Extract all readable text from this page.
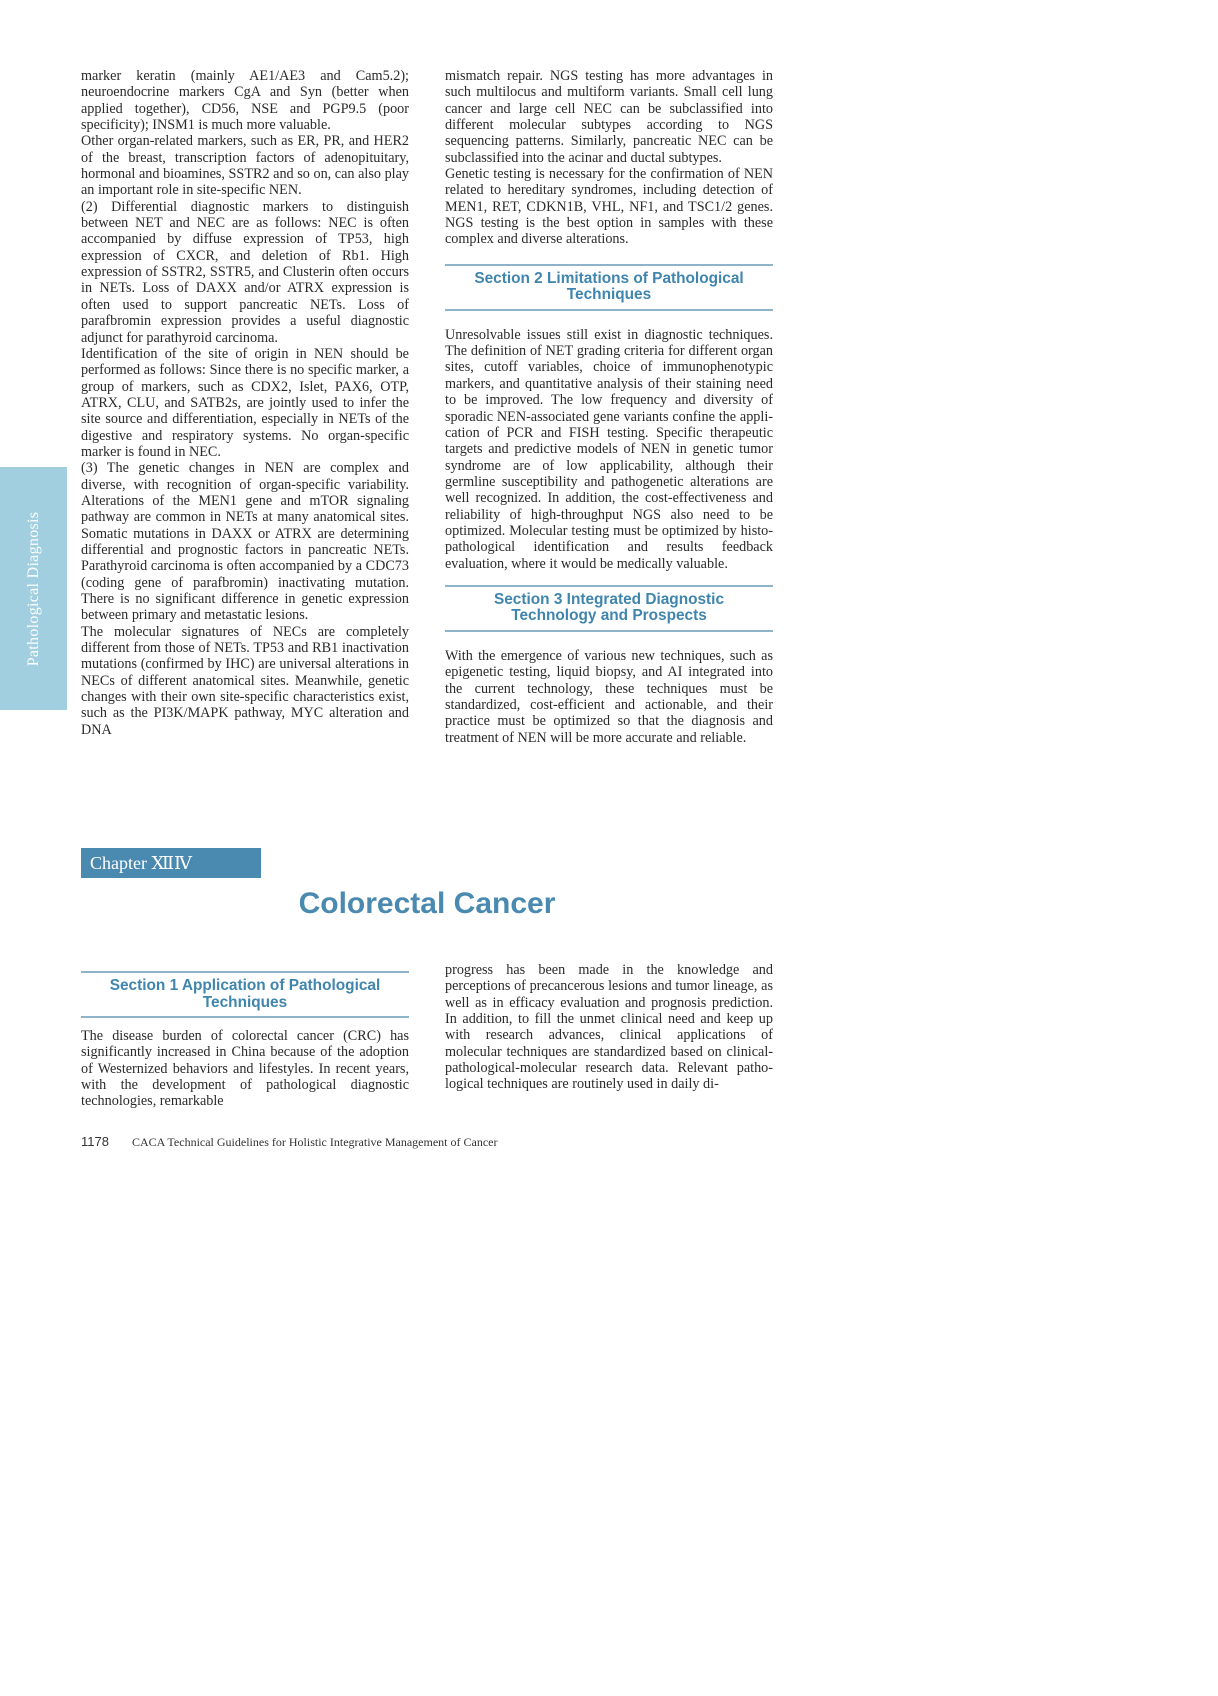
Pathological Diagnosis

marker keratin (mainly AE1/AE3 and Cam5.2); neuroendocrine markers CgA and Syn (better when applied together), CD56, NSE and PGP9.5 (poor specificity); INSM1 is much more valuable.

Other organ-related markers, such as ER, PR, and HER2 of the breast, transcription factors of adenopituitary, hormonal and bioamines, SSTR2 and so on, can also play an important role in site-specific NEN.

(2) Differential diagnostic markers to distinguish between NET and NEC are as follows: NEC is often accompanied by diffuse expression of TP53, high expression of CXCR, and deletion of Rb1. High expression of SSTR2, SSTR5, and Clusterin often occurs in NETs. Loss of DAXX and/or ATRX expression is often used to support pancreatic NETs. Loss of parafbromin expression provides a useful diagnostic adjunct for parathyroid carcinoma.

Identification of the site of origin in NEN should be performed as follows: Since there is no specific marker, a group of markers, such as CDX2, Islet, PAX6, OTP, ATRX, CLU, and SATB2s, are jointly used to infer the site source and differentiation, especially in NETs of the digestive and respiratory systems. No organ-specific marker is found in NEC.

(3) The genetic changes in NEN are complex and diverse, with recognition of organ-specific variability. Alterations of the MEN1 gene and mTOR signaling pathway are common in NETs at many anatomical sites. Somatic mutations in DAXX or ATRX are determining differential and prognostic factors in pancreatic NETs. Parathyroid carcinoma is often accompanied by a CDC73 (coding gene of parafbromin) inactivating mutation. There is no significant difference in genetic expression between primary and metastatic lesions.

The molecular signatures of NECs are completely different from those of NETs. TP53 and RB1 inactivation mutations (confirmed by IHC) are universal alterations in NECs of different anatomical sites. Meanwhile, genetic changes with their own site-specific characteristics exist, such as the PI3K/MAPK pathway, MYC alteration and DNA

mismatch repair. NGS testing has more advantages in such multilocus and multiform variants. Small cell lung cancer and large cell NEC can be subclassified into different molecular subtypes according to NGS sequencing patterns. Similarly, pancreatic NEC can be subclassified into the acinar and ductal subtypes.

Genetic testing is necessary for the confirmation of NEN related to hereditary syndromes, including detection of MEN1, RET, CDKN1B, VHL, NF1, and TSC1/2 genes. NGS testing is the best option in samples with these complex and diverse alterations.

Section 2 Limitations of Pathological
Techniques

Unresolvable issues still exist in diagnostic techniques. The definition of NET grading criteria for different organ sites, cutoff variables, choice of immunophenotypic markers, and quantitative analysis of their staining need to be improved. The low frequency and diversity of sporadic NEN-associated gene variants confine the application of PCR and FISH testing. Specific therapeutic targets and predictive models of NEN in genetic tumor syndrome are of low applicability, although their germline susceptibility and pathogenetic alterations are well recognized. In addition, the cost-effectiveness and reliability of high-throughput NGS also need to be optimized. Molecular testing must be optimized by histopathological identification and results feedback evaluation, where it would be medically valuable.

Section 3 Integrated Diagnostic
Technology and Prospects

With the emergence of various new techniques, such as epigenetic testing, liquid biopsy, and AI integrated into the current technology, these techniques must be standardized, cost-efficient and actionable, and their practice must be optimized so that the diagnosis and treatment of NEN will be more accurate and reliable.

Chapter ⅫⅣ
Colorectal Cancer
Section 1 Application of Pathological
Techniques

The disease burden of colorectal cancer (CRC) has significantly increased in China because of the adoption of Westernized behaviors and lifestyles. In recent years, with the development of pathological diagnostic technologies, remarkable

progress has been made in the knowledge and perceptions of precancerous lesions and tumor lineage, as well as in efficacy evaluation and prognosis prediction. In addition, to fill the unmet clinical need and keep up with research advances, clinical applications of molecular techniques are standardized based on clinical-pathological-molecular research data. Relevant pathological techniques are routinely used in daily di-

1178 CACA Technical Guidelines for Holistic Integrative Management of Cancer
